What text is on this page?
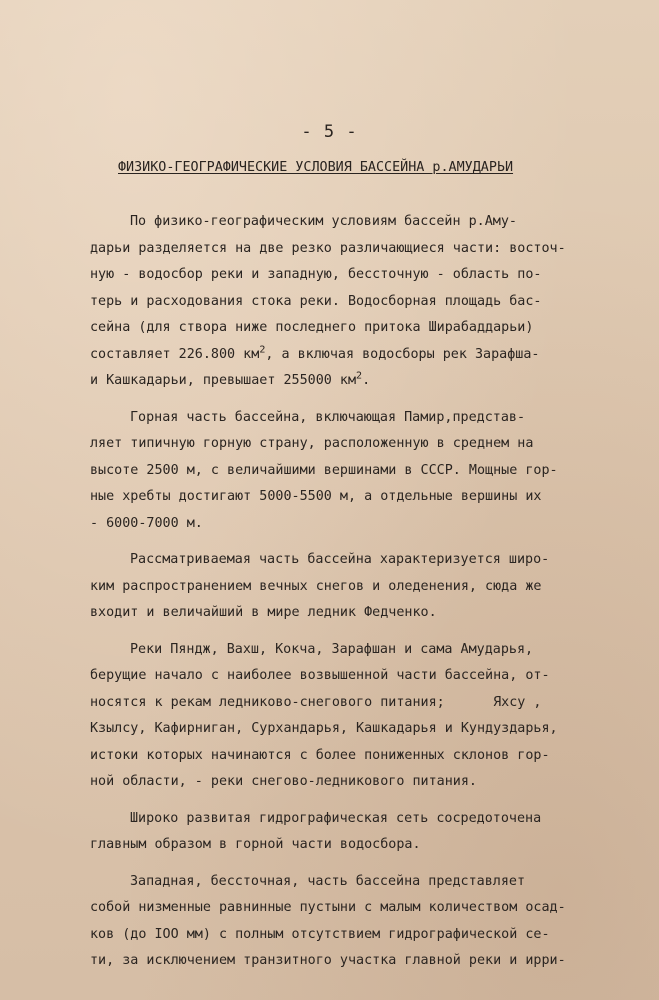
- 5 -
ФИЗИКО-ГЕОГРАФИЧЕСКИЕ УСЛОВИЯ БАССЕЙНА р.АМУДАРЬИ
По физико-географическим условиям бассейн р.Аму-
дарьи разделяется на две резко различающиеся части: восточ-
ную - водосбор реки и западную, бессточную - область по-
терь и расходования стока реки. Водосборная площадь бас-
сейна (для створа ниже последнего притока Ширабаддарьи)
составляет 226.800 $км^2$, а включая водосборы рек Зарафша-
и Кашкадарьи, превышает 255000 $км^2$.
Горная часть бассейна, включающая Памир,представ-
ляет типичную горную страну, расположенную в среднем на
высоте 2500 м, с величайшими вершинами в СССР. Мощные гор-
ные хребты достигают 5000-5500 м, а отдельные вершины их
- 6000-7000 м.
Рассматриваемая часть бассейна характеризуется широ-
ким распространением вечных снегов и оледенения, сюда же
входит и величайший в мире ледник Федченко.
Реки Пяндж, Вахш, Кокча, Зарафшан и сама Амударья,
берущие начало с наиболее возвышенной части бассейна, от-
носятся к рекам ледниково-снегового питания;      Яхсу ,
Кзылсу, Кафирниган, Сурхандарья, Кашкадарья и Кундуздарья,
истоки которых начинаются с более пониженных склонов гор-
ной области, - реки снегово-ледникового питания.
Широко развитая гидрографическая сеть сосредоточена
главным образом в горной части водосбора.
Западная, бессточная, часть бассейна представляет
собой низменные равнинные пустыни с малым количеством осад-
ков (до IOO мм) с полным отсутствием гидрографической се-
ти, за исключением транзитного участка главной реки и ирри-
